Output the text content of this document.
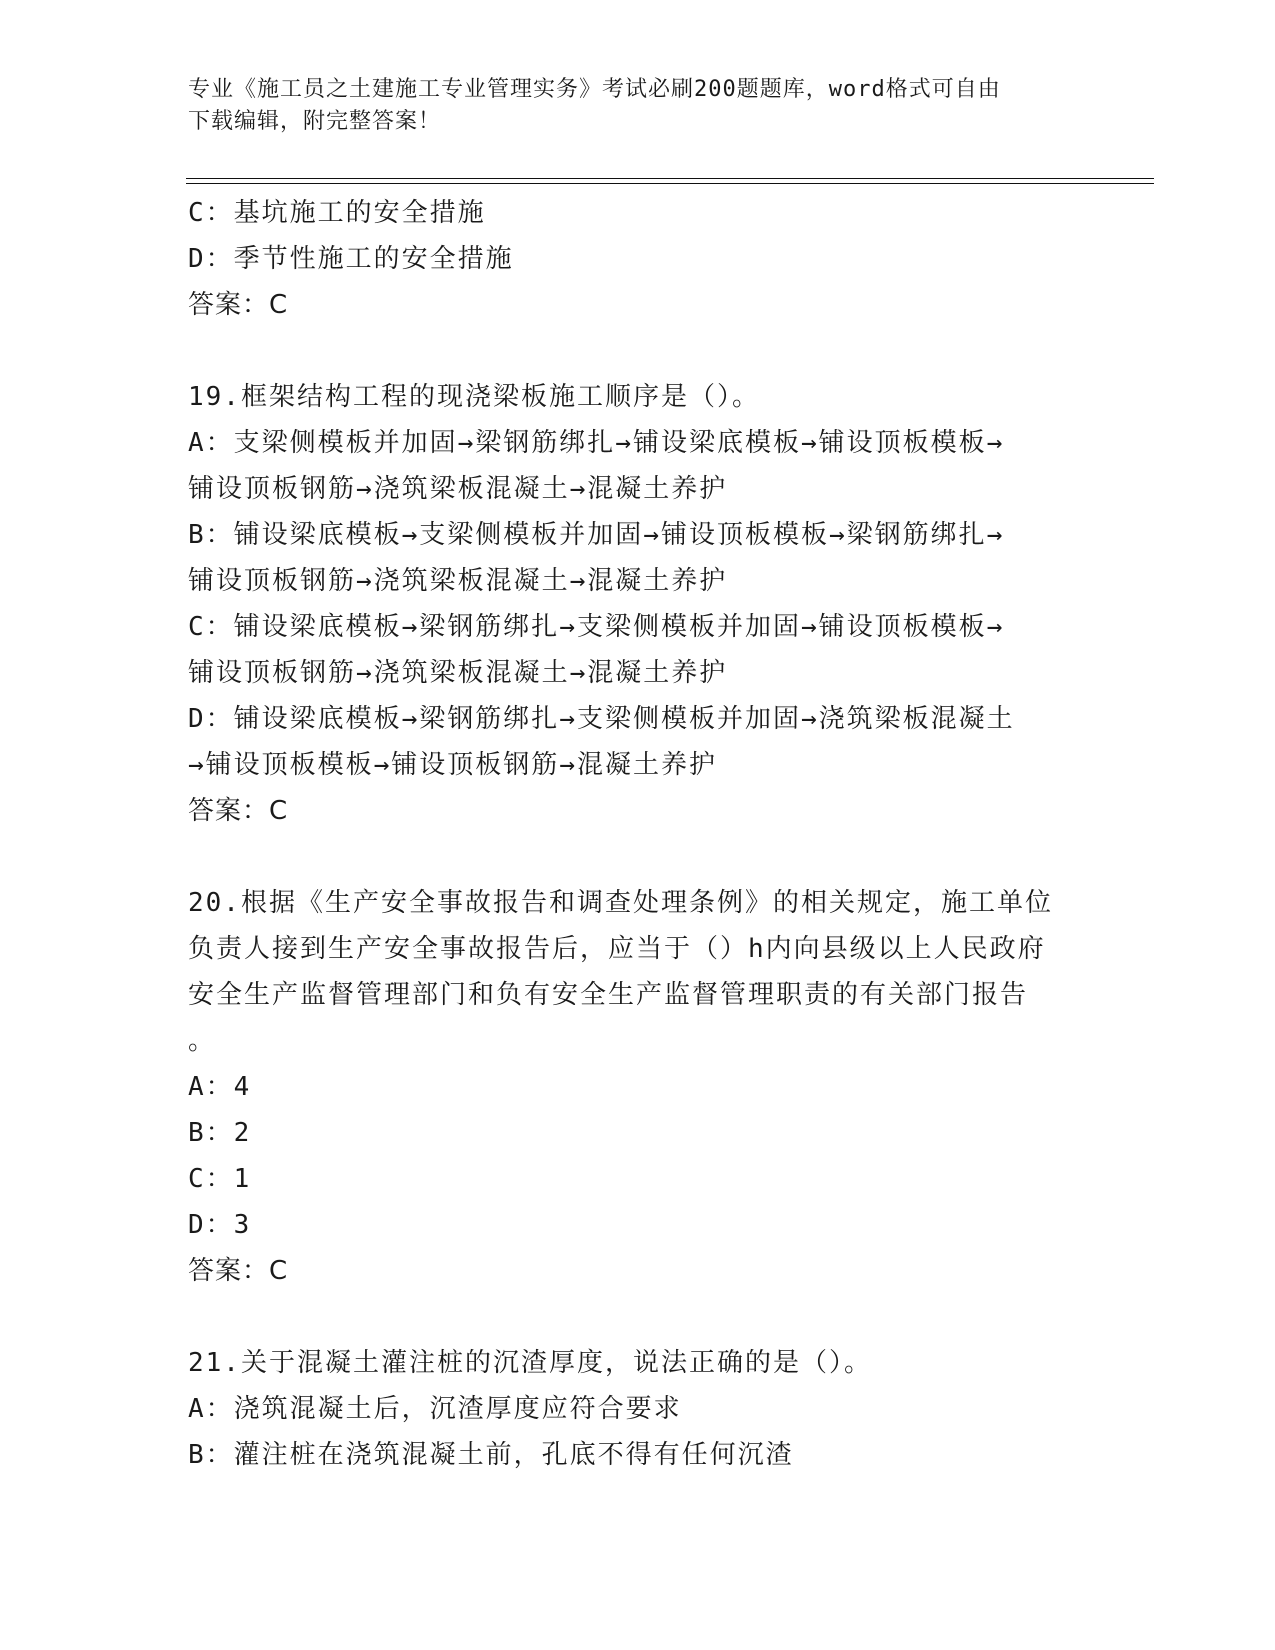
专业《施工员之土建施工专业管理实务》考试必刷200题题库，word格式可自由
下载编辑，附完整答案！
C：基坑施工的安全措施
D：季节性施工的安全措施
答案：C
19.框架结构工程的现浇梁板施工顺序是（）。
A：支梁侧模板并加固→梁钢筋绑扎→铺设梁底模板→铺设顶板模板→
铺设顶板钢筋→浇筑梁板混凝土→混凝土养护
B：铺设梁底模板→支梁侧模板并加固→铺设顶板模板→梁钢筋绑扎→
铺设顶板钢筋→浇筑梁板混凝土→混凝土养护
C：铺设梁底模板→梁钢筋绑扎→支梁侧模板并加固→铺设顶板模板→
铺设顶板钢筋→浇筑梁板混凝土→混凝土养护
D：铺设梁底模板→梁钢筋绑扎→支梁侧模板并加固→浇筑梁板混凝土
→铺设顶板模板→铺设顶板钢筋→混凝土养护
答案：C
20.根据《生产安全事故报告和调查处理条例》的相关规定，施工单位
负责人接到生产安全事故报告后，应当于（）h内向县级以上人民政府
安全生产监督管理部门和负有安全生产监督管理职责的有关部门报告
。
A：4
B：2
C：1
D：3
答案：C
21.关于混凝土灌注桩的沉渣厚度，说法正确的是（）。
A：浇筑混凝土后，沉渣厚度应符合要求
B：灌注桩在浇筑混凝土前，孔底不得有任何沉渣
